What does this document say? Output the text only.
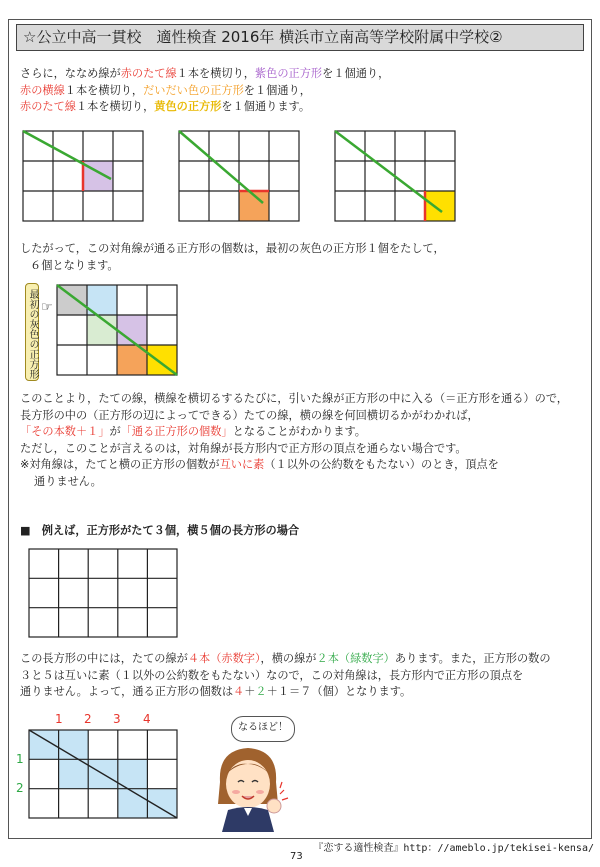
☆公立中高一貫校　適性検査 2016年 横浜市立南高等学校附属中学校②
さらに，ななめ線が赤のたて線１本を横切り，紫色の正方形を１個通り，
赤の横線１本を横切り，だいだい色の正方形を１個通り，
赤のたて線１本を横切り，黄色の正方形を１個通ります。
したがって，この対角線が通る正方形の個数は，最初の灰色の正方形１個をたして，
６個となります。
最初の灰色の正方形 ☞
このことより，たての線，横線を横切るするたびに，引いた線が正方形の中に入る（＝正方形を通る）ので，
長方形の中の（正方形の辺によってできる）たての線，横の線を何回横切るかがわかれば，
「その本数＋１」が「通る正方形の個数」となることがわかります。
ただし，このことが言えるのは，対角線が長方形内で正方形の頂点を通らない場合です。
※対角線は，たてと横の正方形の個数が互いに素（１以外の公約数をもたない）のとき，頂点を
通りません。
■　例えば，正方形がたて３個，横５個の長方形の場合
この長方形の中には，たての線が４本（赤数字），横の線が２本（緑数字）あります。また，正方形の数の
３と５は互いに素（１以外の公約数をもたない）なので，この対角線は，長方形内で正方形の頂点を
通りません。よって，通る正方形の個数は４＋２＋１＝７（個）となります。
1 2 3 4
1
2
なるほど！
『恋する適性検査』http：//ameblo.jp/tekisei-kensa/
73
